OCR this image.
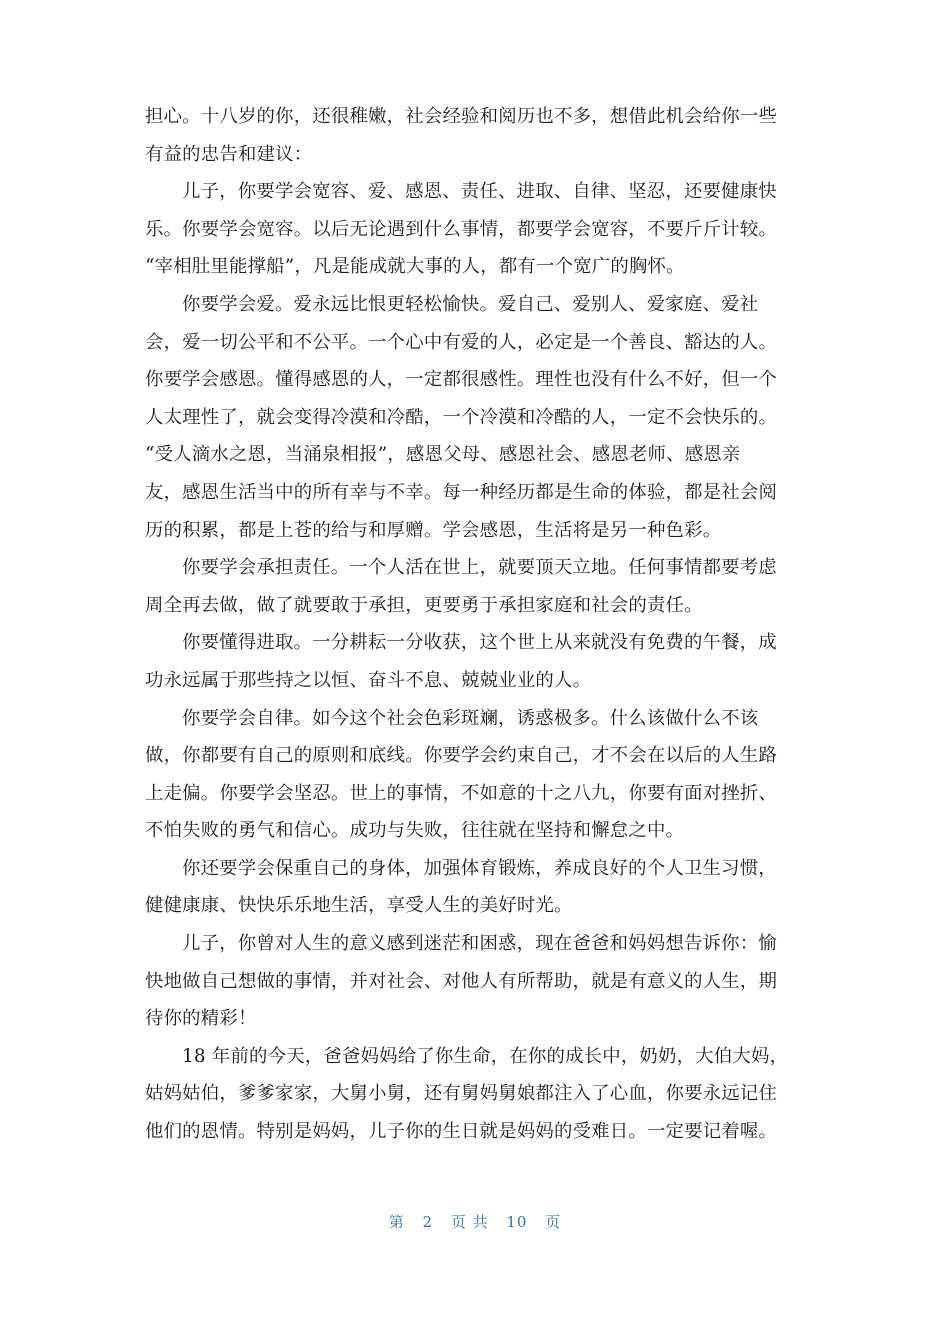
担心。十八岁的你，还很稚嫩，社会经验和阅历也不多，想借此机会给你一些
有益的忠告和建议：
儿子，你要学会宽容、爱、感恩、责任、进取、自律、坚忍，还要健康快
乐。你要学会宽容。以后无论遇到什么事情，都要学会宽容，不要斤斤计较。
“宰相肚里能撑船”，凡是能成就大事的人，都有一个宽广的胸怀。
你要学会爱。爱永远比恨更轻松愉快。爱自己、爱别人、爱家庭、爱社
会，爱一切公平和不公平。一个心中有爱的人，必定是一个善良、豁达的人。
你要学会感恩。懂得感恩的人，一定都很感性。理性也没有什么不好，但一个
人太理性了，就会变得冷漠和冷酷，一个冷漠和冷酷的人，一定不会快乐的。
“受人滴水之恩，当涌泉相报”，感恩父母、感恩社会、感恩老师、感恩亲
友，感恩生活当中的所有幸与不幸。每一种经历都是生命的体验，都是社会阅
历的积累，都是上苍的给与和厚赠。学会感恩，生活将是另一种色彩。
你要学会承担责任。一个人活在世上，就要顶天立地。任何事情都要考虑
周全再去做，做了就要敢于承担，更要勇于承担家庭和社会的责任。
你要懂得进取。一分耕耘一分收获，这个世上从来就没有免费的午餐，成
功永远属于那些持之以恒、奋斗不息、兢兢业业的人。
你要学会自律。如今这个社会色彩斑斓，诱惑极多。什么该做什么不该
做，你都要有自己的原则和底线。你要学会约束自己，才不会在以后的人生路
上走偏。你要学会坚忍。世上的事情，不如意的十之八九，你要有面对挫折、
不怕失败的勇气和信心。成功与失败，往往就在坚持和懈怠之中。
你还要学会保重自己的身体，加强体育锻炼，养成良好的个人卫生习惯，
健健康康、快快乐乐地生活，享受人生的美好时光。
儿子，你曾对人生的意义感到迷茫和困惑，现在爸爸和妈妈想告诉你：愉
快地做自己想做的事情，并对社会、对他人有所帮助，就是有意义的人生，期
待你的精彩！
18 年前的今天，爸爸妈妈给了你生命，在你的成长中，奶奶，大伯大妈，
姑妈姑伯，爹爹家家，大舅小舅，还有舅妈舅娘都注入了心血，你要永远记住
他们的恩情。特别是妈妈，儿子你的生日就是妈妈的受难日。一定要记着喔。
第 2 页 共 10 页
